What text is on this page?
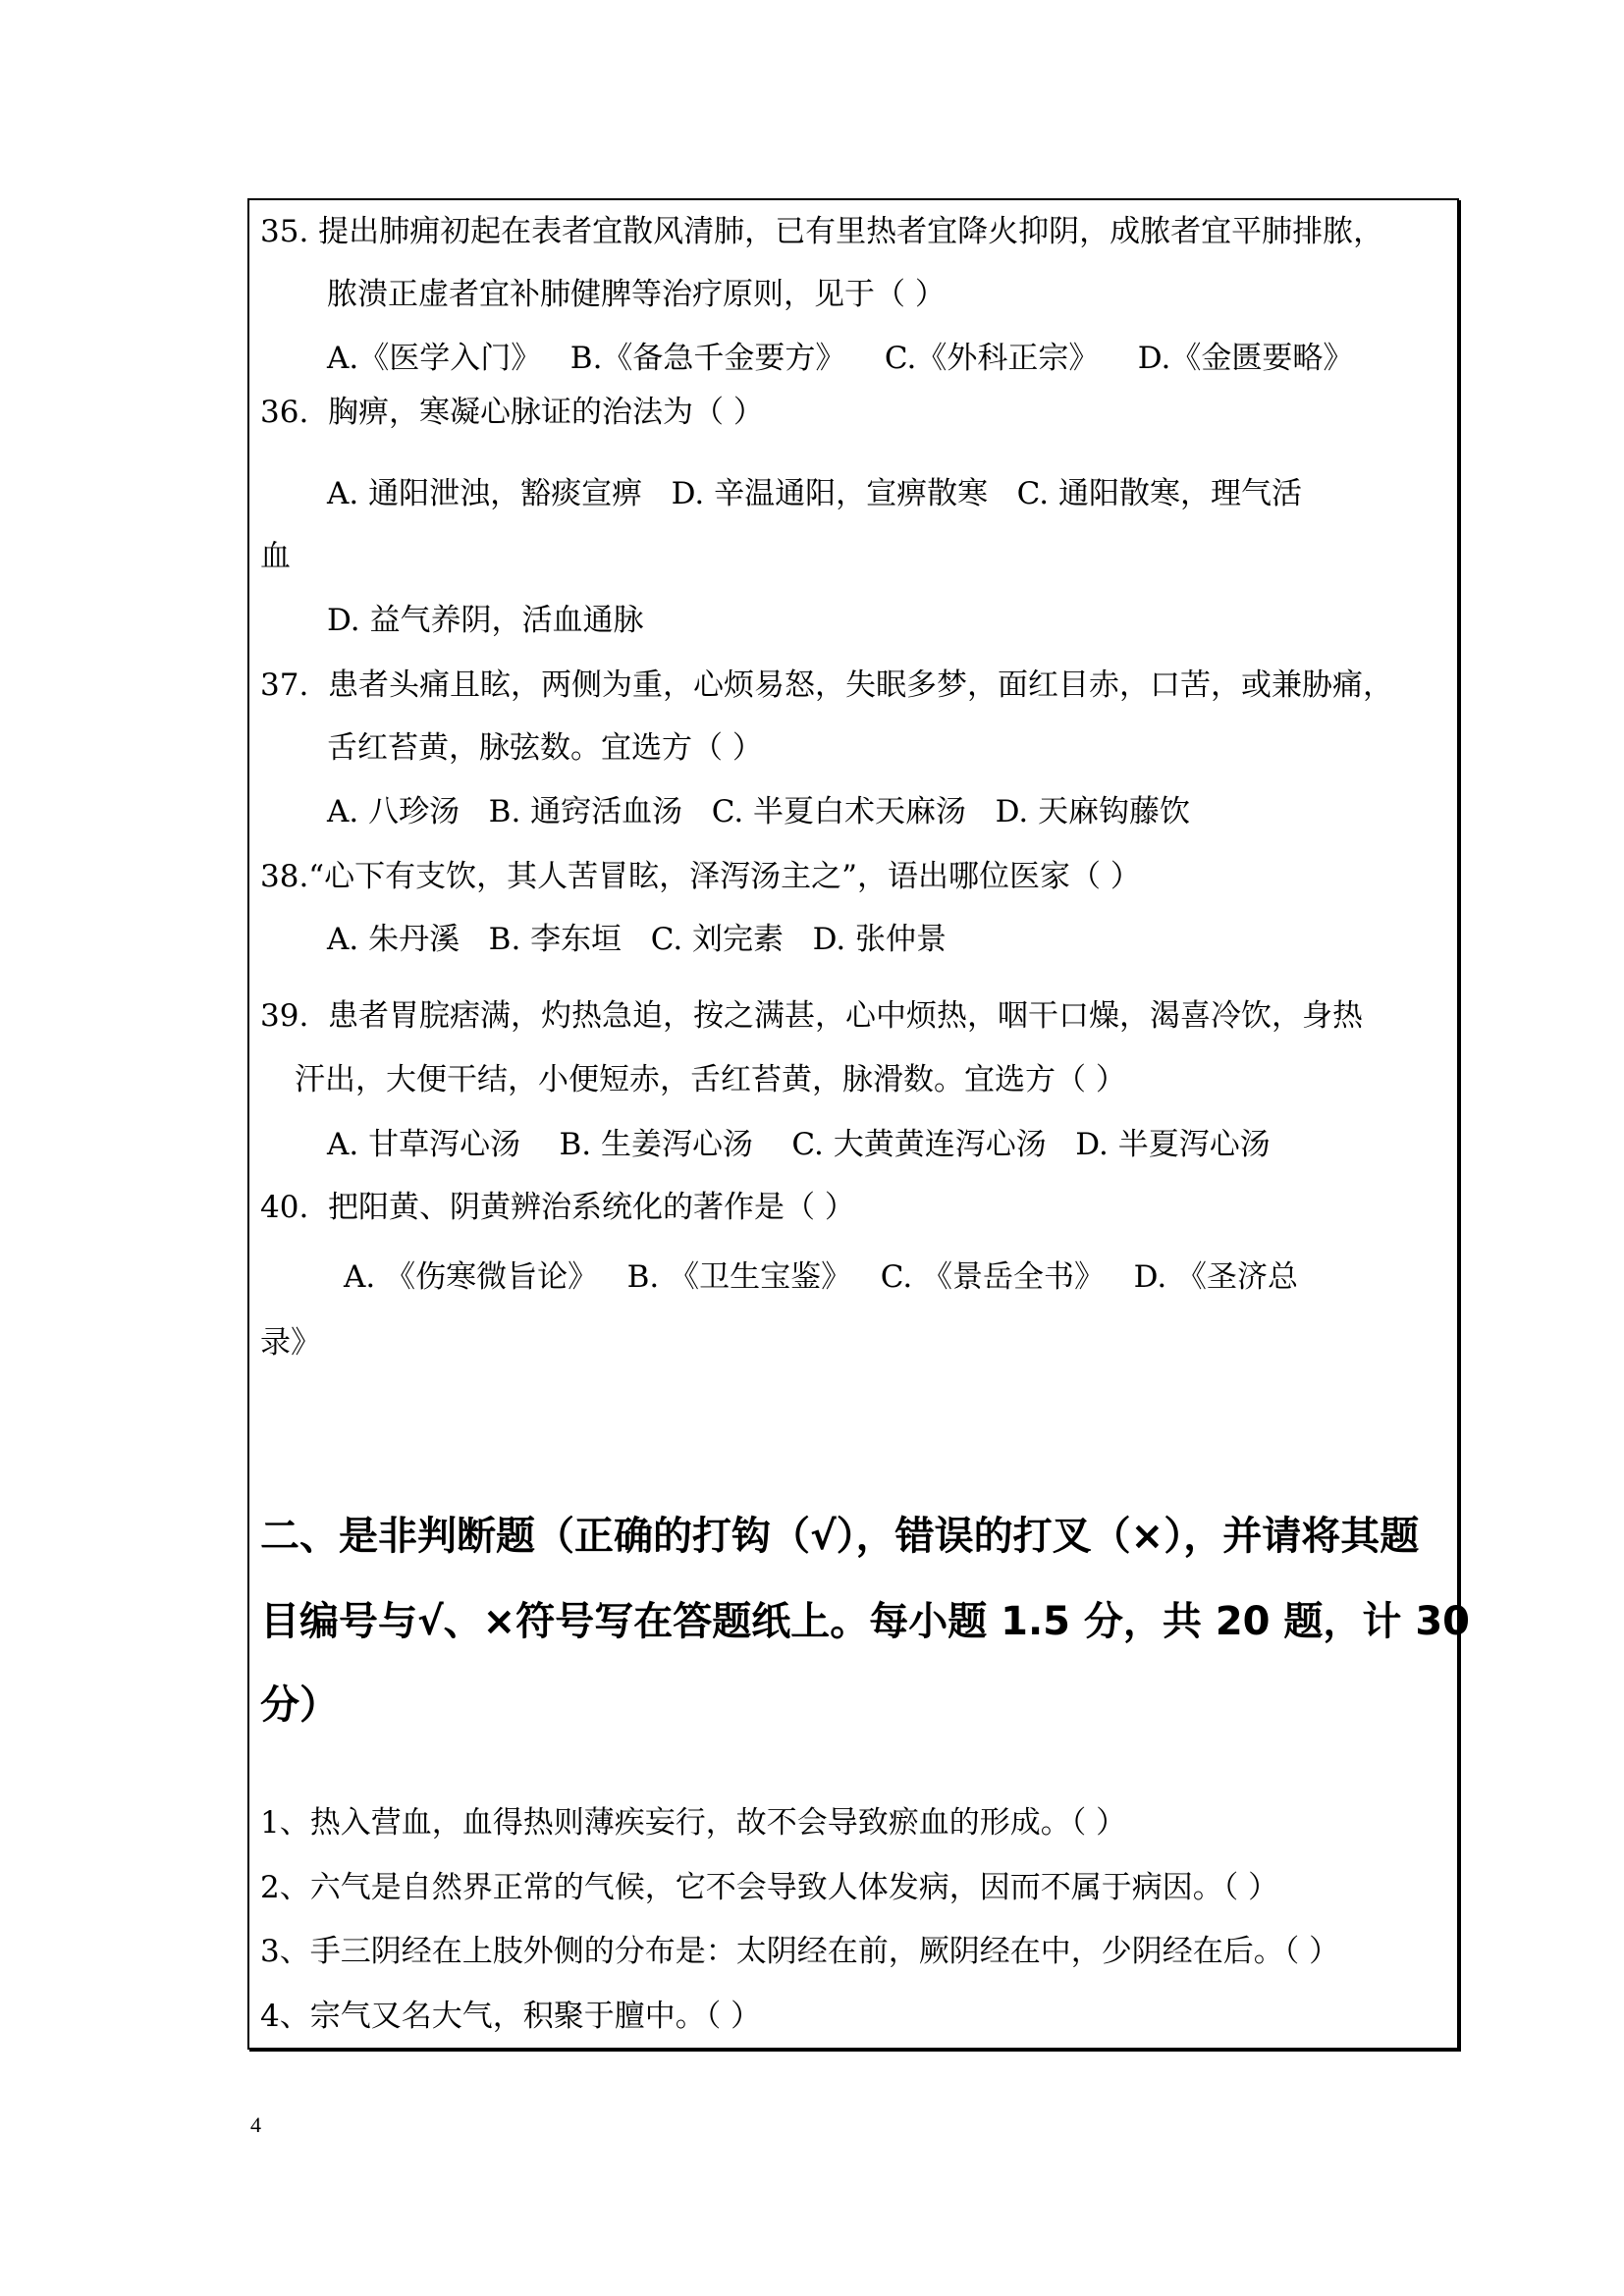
35. 提出肺痈初起在表者宜散风清肺，已有里热者宜降火抑阴，成脓者宜平肺排脓，
脓溃正虚者宜补肺健脾等治疗原则，见于（ ）
A.《医学入门》   B.《备急千金要方》    C.《外科正宗》    D.《金匮要略》
36.  胸痹，寒凝心脉证的治法为（ ）
A. 通阳泄浊，豁痰宣痹   D. 辛温通阳，宣痹散寒   C. 通阳散寒，理气活
血
D. 益气养阴，活血通脉
37.  患者头痛且眩，两侧为重，心烦易怒，失眠多梦，面红目赤，口苦，或兼胁痛，
舌红苔黄，脉弦数。宜选方（ ）
A. 八珍汤   B. 通窍活血汤   C. 半夏白术天麻汤   D. 天麻钩藤饮
38.“心下有支饮，其人苦冒眩，泽泻汤主之”，语出哪位医家（ ）
A. 朱丹溪   B. 李东垣   C. 刘完素   D. 张仲景
39.  患者胃脘痞满，灼热急迫，按之满甚，心中烦热，咽干口燥，渴喜冷饮，身热
汗出，大便干结，小便短赤，舌红苔黄，脉滑数。宜选方（ ）
A. 甘草泻心汤    B. 生姜泻心汤    C. 大黄黄连泻心汤   D. 半夏泻心汤
40.  把阳黄、阴黄辨治系统化的著作是（ ）
A. 《伤寒微旨论》   B. 《卫生宝鉴》   C. 《景岳全书》   D. 《圣济总
录》
二、是非判断题（正确的打钩（√），错误的打叉（×），并请将其题
目编号与√、×符号写在答题纸上。每小题 1.5 分，共 20 题，计 30
分）
1、热入营血，血得热则薄疾妄行，故不会导致瘀血的形成。（ ）
2、六气是自然界正常的气候，它不会导致人体发病，因而不属于病因。（ ）
3、手三阴经在上肢外侧的分布是：太阴经在前，厥阴经在中，少阴经在后。（ ）
4、宗气又名大气，积聚于膻中。（ ）
4
